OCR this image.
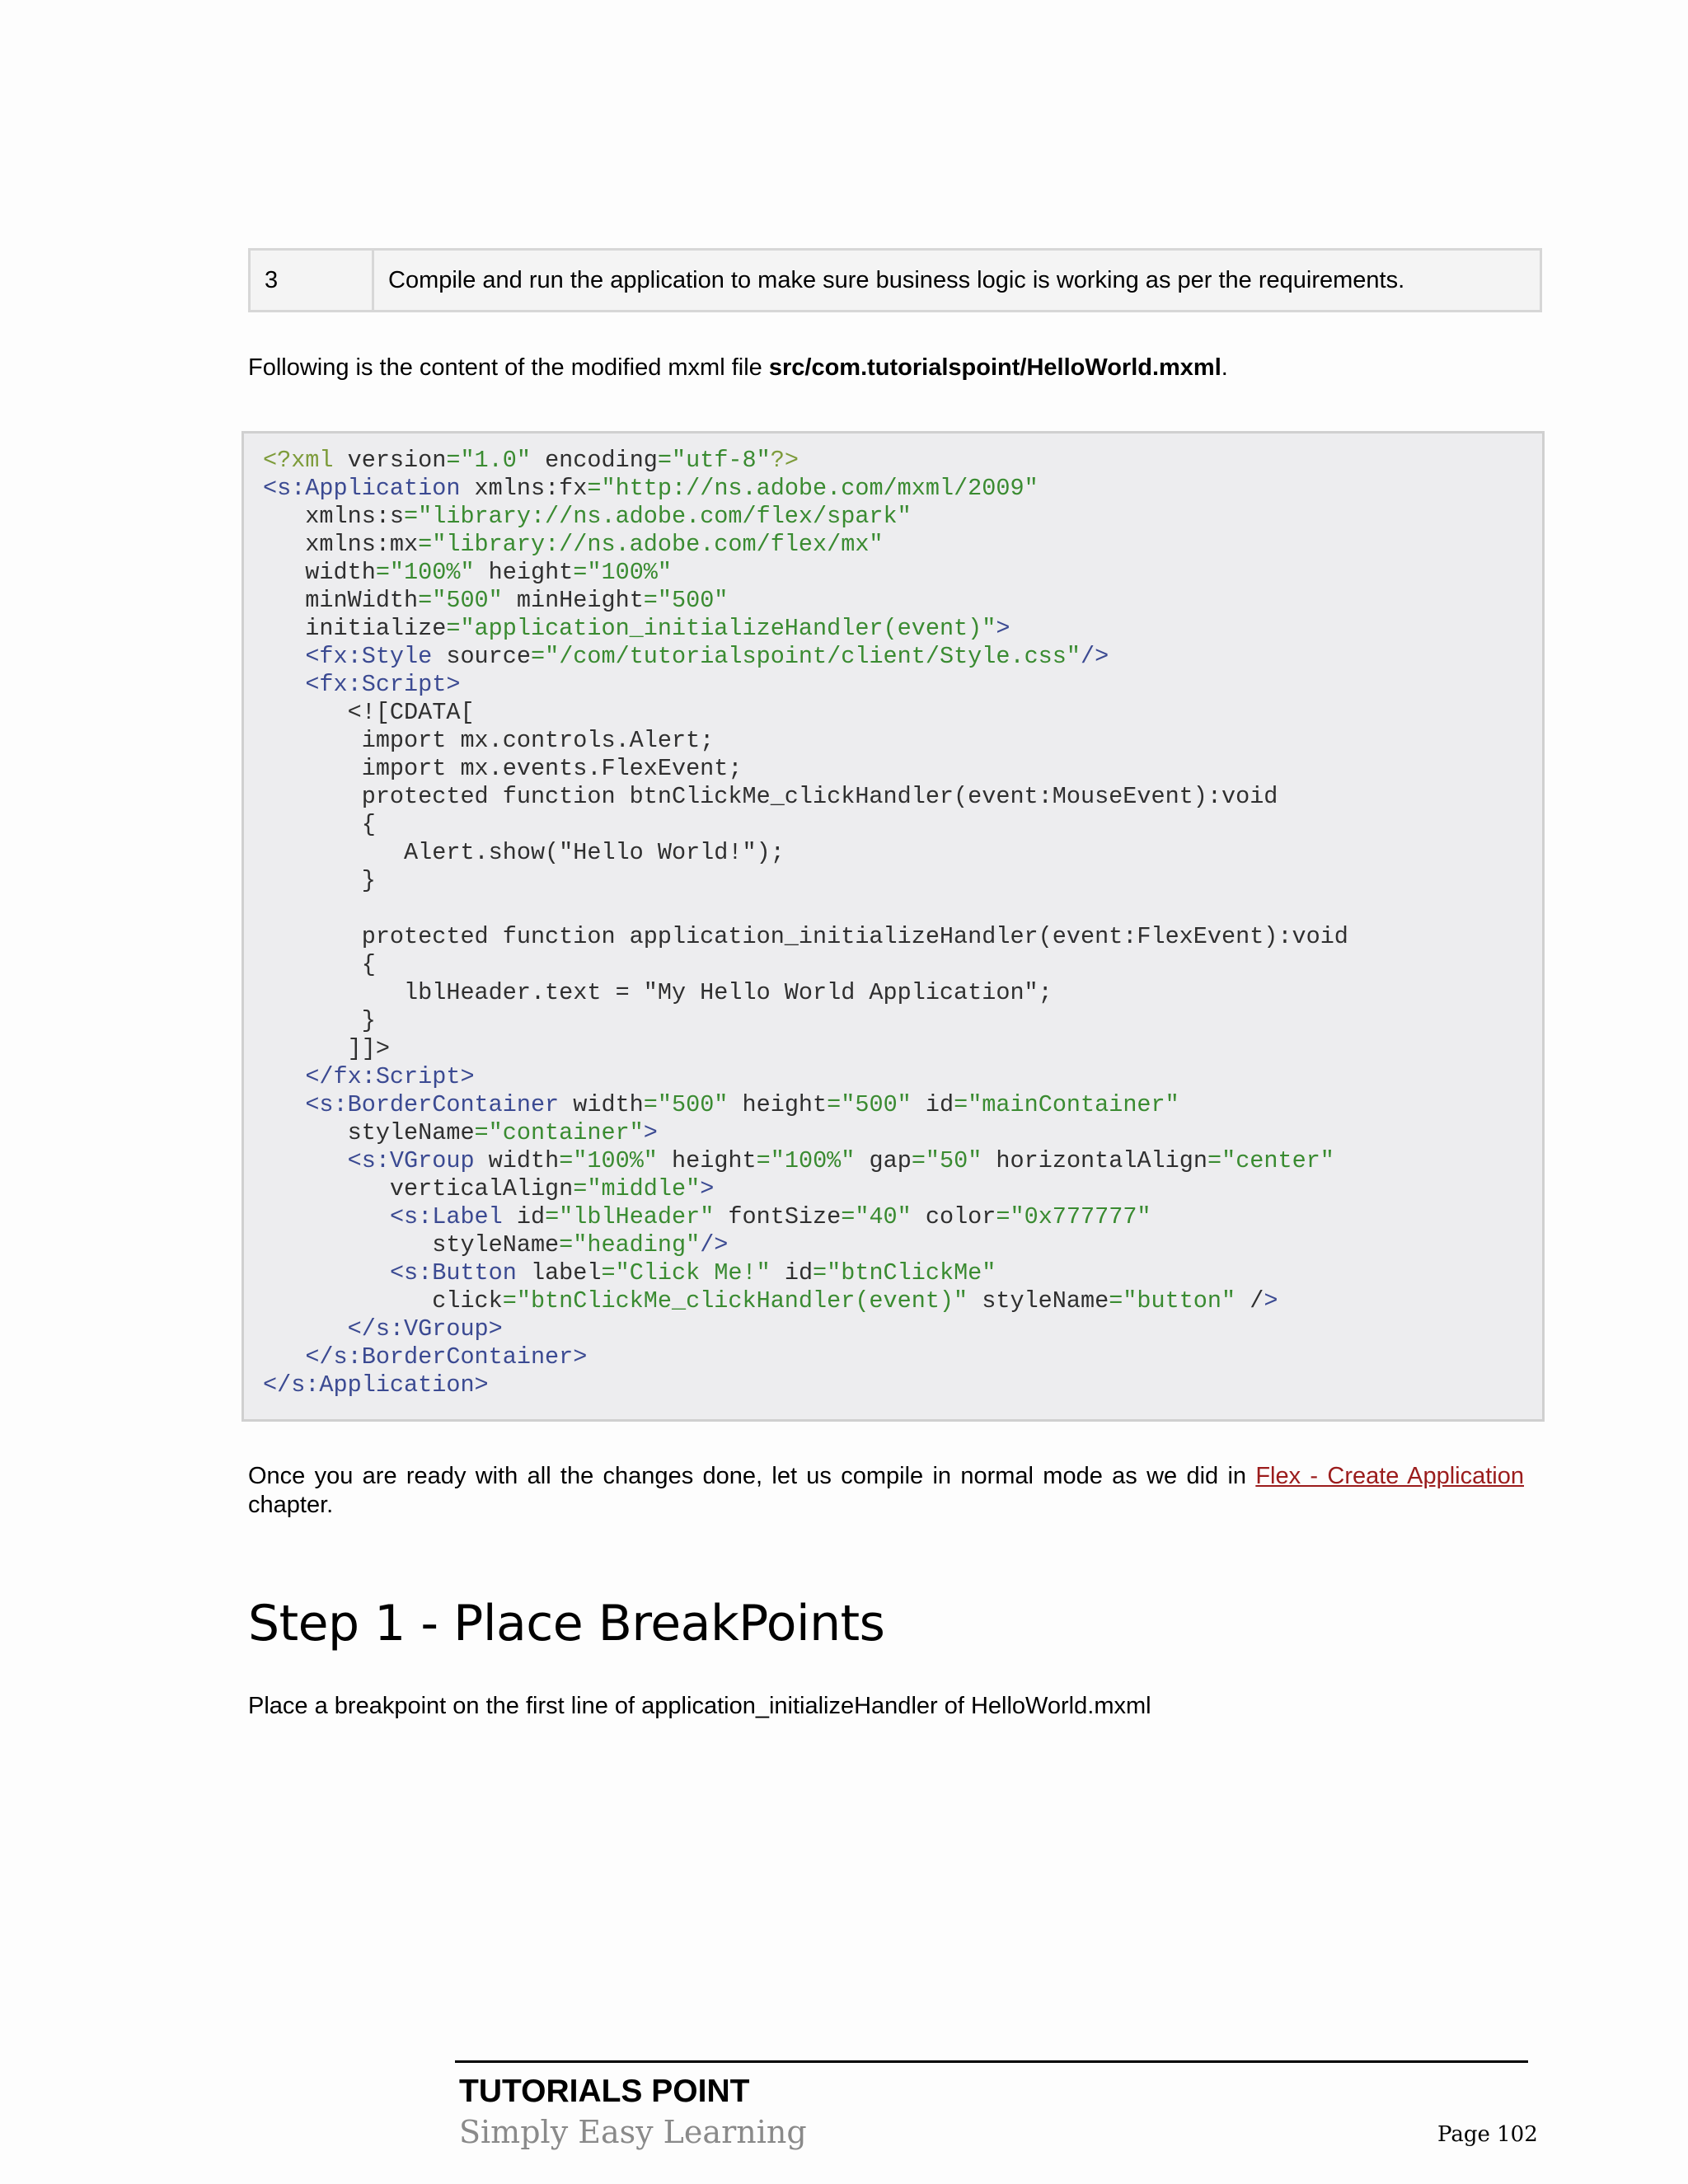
3	Compile and run the application to make sure business logic is working as per the requirements.
Following is the content of the modified mxml file src/com.tutorialspoint/HelloWorld.mxml.
<?xml version="1.0" encoding="utf-8"?>
<s:Application xmlns:fx="http://ns.adobe.com/mxml/2009"
xmlns:s="library://ns.adobe.com/flex/spark"
xmlns:mx="library://ns.adobe.com/flex/mx"
width="100%" height="100%"
minWidth="500" minHeight="500"
initialize="application_initializeHandler(event)">
<fx:Style source="/com/tutorialspoint/client/Style.css"/>
<fx:Script>
<![CDATA[
import mx.controls.Alert;
import mx.events.FlexEvent;
protected function btnClickMe_clickHandler(event:MouseEvent):void
{
Alert.show("Hello World!");
}

protected function application_initializeHandler(event:FlexEvent):void
{
lblHeader.text = "My Hello World Application";
}
]]>
</fx:Script>
<s:BorderContainer width="500" height="500" id="mainContainer"
styleName="container">
<s:VGroup width="100%" height="100%" gap="50" horizontalAlign="center"
verticalAlign="middle">
<s:Label id="lblHeader" fontSize="40" color="0x777777"
styleName="heading"/>
<s:Button label="Click Me!" id="btnClickMe"
click="btnClickMe_clickHandler(event)" styleName="button" />
</s:VGroup>
</s:BorderContainer>
</s:Application>
Once you are ready with all the changes done, let us compile in normal mode as we did in Flex - Create Application chapter.
Step 1 - Place BreakPoints
Place a breakpoint on the first line of application_initializeHandler of HelloWorld.mxml
TUTORIALS POINT
Simply Easy Learning	Page 102
